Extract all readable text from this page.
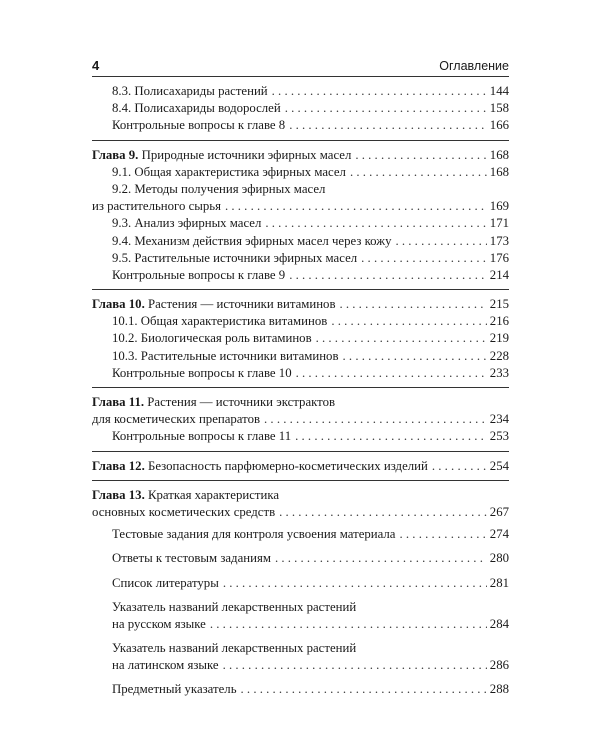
4	Оглавление
8.3. Полисахариды растений . . .	144
8.4. Полисахариды водорослей . . .	158
Контрольные вопросы к главе 8 . . .	166
Глава 9. Природные источники эфирных масел . . .	168
9.1. Общая характеристика эфирных масел . . .	168
9.2. Методы получения эфирных масел
из растительного сырья . . .	169
9.3. Анализ эфирных масел . . .	171
9.4. Механизм действия эфирных масел через кожу . . .	173
9.5. Растительные источники эфирных масел . . .	176
Контрольные вопросы к главе 9 . . .	214
Глава 10. Растения — источники витаминов . . .	215
10.1. Общая характеристика витаминов . . .	216
10.2. Биологическая роль витаминов . . .	219
10.3. Растительные источники витаминов . . .	228
Контрольные вопросы к главе 10 . . .	233
Глава 11. Растения — источники экстрактов
для косметических препаратов . . .	234
Контрольные вопросы к главе 11 . . .	253
Глава 12. Безопасность парфюмерно-косметических изделий . . .	254
Глава 13. Краткая характеристика
основных косметических средств . . .	267
Тестовые задания для контроля усвоения материала . . .	274
Ответы к тестовым заданиям . . .	280
Список литературы . . .	281
Указатель названий лекарственных растений
на русском языке . . .	284
Указатель названий лекарственных растений
на латинском языке . . .	286
Предметный указатель . . .	288
